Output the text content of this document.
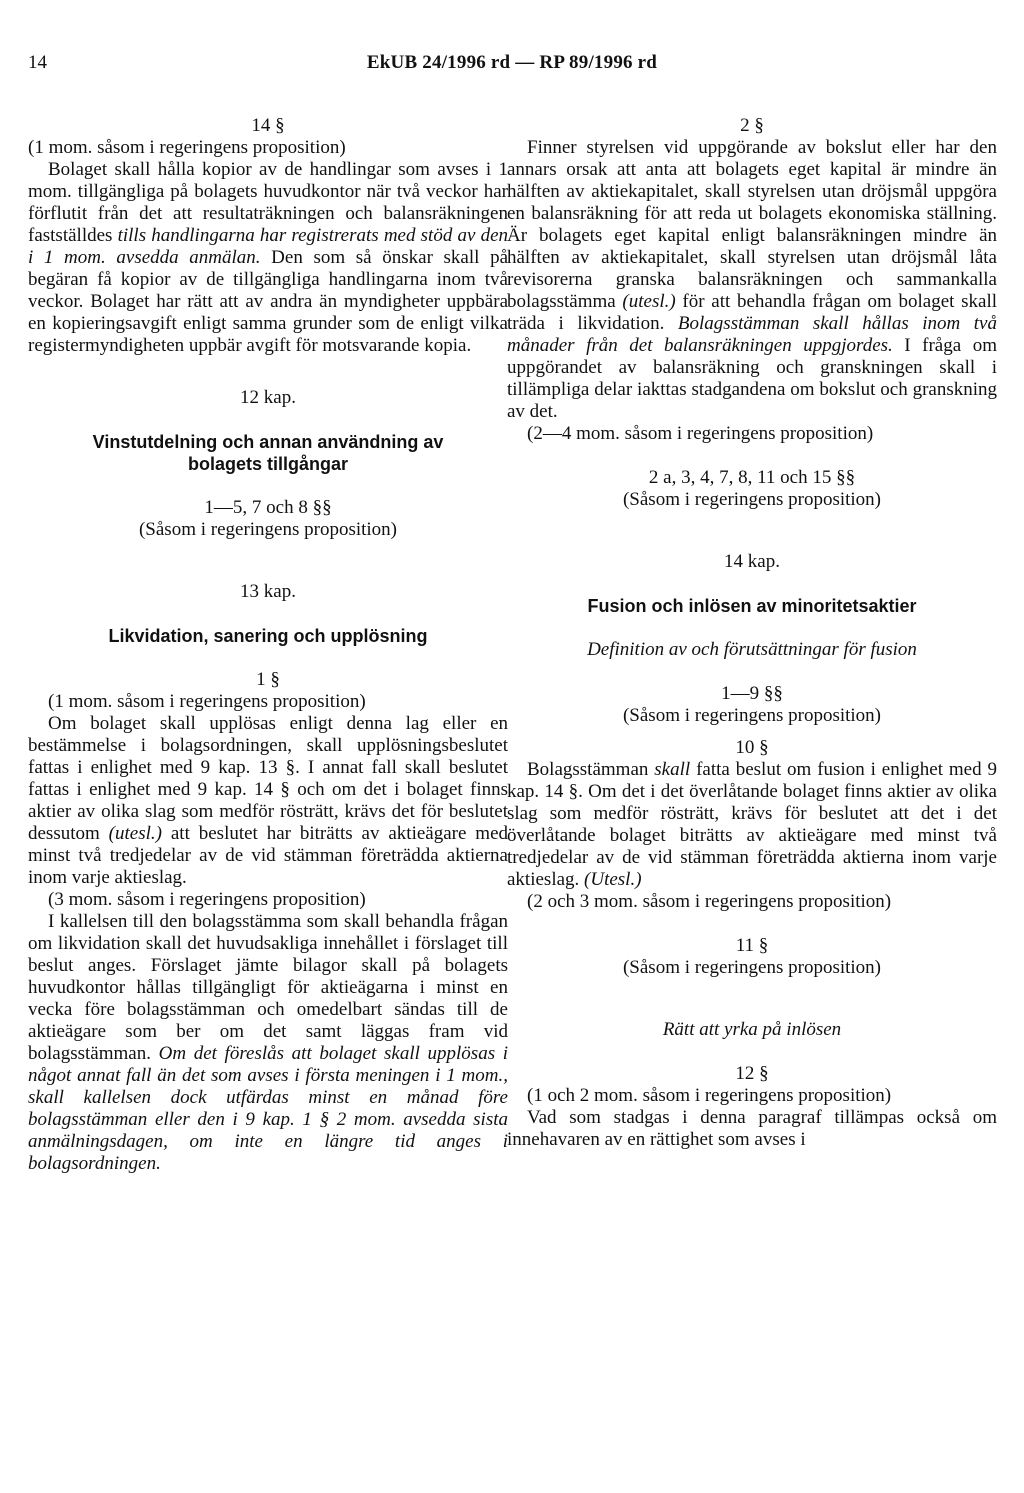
14	EkUB 24/1996 rd — RP 89/1996 rd
14 §

(1 mom. såsom i regeringens proposition)

Bolaget skall hålla kopior av de handlingar som avses i 1 mom. tillgängliga på bolagets huvudkontor när två veckor har förflutit från det att resultaträkningen och balansräkningen fastställdes tills handlingarna har registrerats med stöd av den i 1 mom. avsedda anmälan. Den som så önskar skall på begäran få kopior av de tillgängliga handlingarna inom två veckor. Bolaget har rätt att av andra än myndigheter uppbära en kopieringsavgift enligt samma grunder som de enligt vilka registermyndigheten uppbär avgift för motsvarande kopia.

12 kap.
Vinstutdelning och annan användning av bolagets tillgångar
1—5, 7 och 8 §§
(Såsom i regeringens proposition)
13 kap.
Likvidation, sanering och upplösning
1 §

(1 mom. såsom i regeringens proposition)

Om bolaget skall upplösas enligt denna lag eller en bestämmelse i bolagsordningen, skall upplösningsbeslutet fattas i enlighet med 9 kap. 13 §. I annat fall skall beslutet fattas i enlighet med 9 kap. 14 § och om det i bolaget finns aktier av olika slag som medför rösträtt, krävs det för beslutet dessutom (utesl.) att beslutet har biträtts av aktieägare med minst två tredjedelar av de vid stämman företrädda aktierna inom varje aktieslag.

(3 mom. såsom i regeringens proposition)

I kallelsen till den bolagsstämma som skall behandla frågan om likvidation skall det huvudsakliga innehållet i förslaget till beslut anges. Förslaget jämte bilagor skall på bolagets huvudkontor hållas tillgängligt för aktieägarna i minst en vecka före bolagsstämman och omedelbart sändas till de aktieägare som ber om det samt läggas fram vid bolagsstämman. Om det föreslås att bolaget skall upplösas i något annat fall än det som avses i första meningen i 1 mom., skall kallelsen dock utfärdas minst en månad före bolagsstämman eller den i 9 kap. 1 § 2 mom. avsedda sista anmälningsdagen, om inte en längre tid anges i bolagsordningen.

2 §

Finner styrelsen vid uppgörande av bokslut eller har den annars orsak att anta att bolagets eget kapital är mindre än hälften av aktiekapitalet, skall styrelsen utan dröjsmål uppgöra en balansräkning för att reda ut bolagets ekonomiska ställning. Är bolagets eget kapital enligt balansräkningen mindre än hälften av aktiekapitalet, skall styrelsen utan dröjsmål låta revisorerna granska balansräkningen och sammankalla bolagsstämma (utesl.) för att behandla frågan om bolaget skall träda i likvidation. Bolagsstämman skall hållas inom två månader från det balansräkningen uppgjordes. I fråga om uppgörandet av balansräkning och granskningen skall i tillämpliga delar iakttas stadgandena om bokslut och granskning av det.

(2—4 mom. såsom i regeringens proposition)

2 a, 3, 4, 7, 8, 11 och 15 §§
(Såsom i regeringens proposition)
14 kap.
Fusion och inlösen av minoritetsaktier
Definition av och förutsättningar för fusion
1—9 §§
(Såsom i regeringens proposition)
10 §

Bolagsstämman skall fatta beslut om fusion i enlighet med 9 kap. 14 §. Om det i det överlåtande bolaget finns aktier av olika slag som medför rösträtt, krävs för beslutet att det i det överlåtande bolaget biträtts av aktieägare med minst två tredjedelar av de vid stämman företrädda aktierna inom varje aktieslag. (Utesl.)

(2 och 3 mom. såsom i regeringens proposition)

11 §
(Såsom i regeringens proposition)
Rätt att yrka på inlösen
12 §

(1 och 2 mom. såsom i regeringens proposition)

Vad som stadgas i denna paragraf tillämpas också om innehavaren av en rättighet som avses i
